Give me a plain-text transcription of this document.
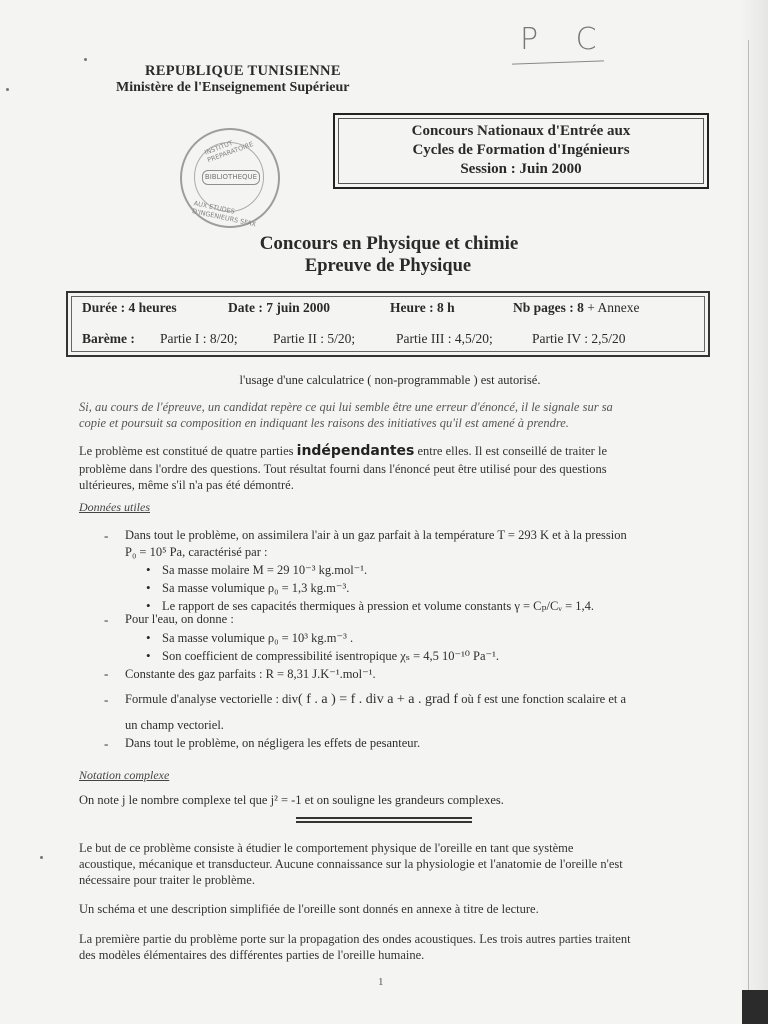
P C
REPUBLIQUE TUNISIENNE
Ministère de l'Enseignement Supérieur
INSTITUT PREPARATOIRE
BIBLIOTHEQUE
AUX ETUDES D'INGENIEURS SFAX
Concours Nationaux d'Entrée aux
Cycles de Formation d'Ingénieurs
Session : Juin 2000
Concours en Physique et chimie
Epreuve de Physique
Durée : 4 heures	Date : 7 juin 2000	Heure : 8 h	Nb pages : 8 + Annexe
Barème : Partie I : 8/20;	Partie II : 5/20;	Partie III : 4,5/20;	Partie IV : 2,5/20
l'usage d'une calculatrice ( non-programmable ) est autorisé.
Si, au cours de l'épreuve, un candidat repère ce qui lui semble être une erreur d'énoncé, il le signale sur sa
copie et poursuit sa composition en indiquant les raisons des initiatives qu'il est amené à prendre.
Le problème est constitué de quatre parties indépendantes entre elles. Il est conseillé de traiter le
problème dans l'ordre des questions. Tout résultat fourni dans l'énoncé peut être utilisé pour des questions
ultérieures, même s'il n'a pas été démontré.
Données utiles
- Dans tout le problème, on assimilera l'air à un gaz parfait à la température T = 293 K et à la pression
P₀ = 10⁵ Pa, caractérisé par :
• Sa masse molaire M = 29 10⁻³ kg.mol⁻¹.
• Sa masse volumique ρ₀ = 1,3 kg.m⁻³.
• Le rapport de ses capacités thermiques à pression et volume constants γ = Cₚ/Cᵥ = 1,4.
- Pour l'eau, on donne :
• Sa masse volumique ρ₀ = 10³ kg.m⁻³ .
• Son coefficient de compressibilité isentropique χₛ = 4,5 10⁻¹⁰ Pa⁻¹.
- Constante des gaz parfaits : R = 8,31 J.K⁻¹.mol⁻¹.
- Formule d'analyse vectorielle : div( f . a ) = f . div a + a . grad f où f est une fonction scalaire et a
un champ vectoriel.
- Dans tout le problème, on négligera les effets de pesanteur.
Notation complexe
On note j le nombre complexe tel que j² = -1 et on souligne les grandeurs complexes.
Le but de ce problème consiste à étudier le comportement physique de l'oreille en tant que système
acoustique, mécanique et transducteur. Aucune connaissance sur la physiologie et l'anatomie de l'oreille n'est
nécessaire pour traiter le problème.
Un schéma et une description simplifiée de l'oreille sont donnés en annexe à titre de lecture.
La première partie du problème porte sur la propagation des ondes acoustiques. Les trois autres parties traitent
des modèles élémentaires des différentes parties de l'oreille humaine.
1
